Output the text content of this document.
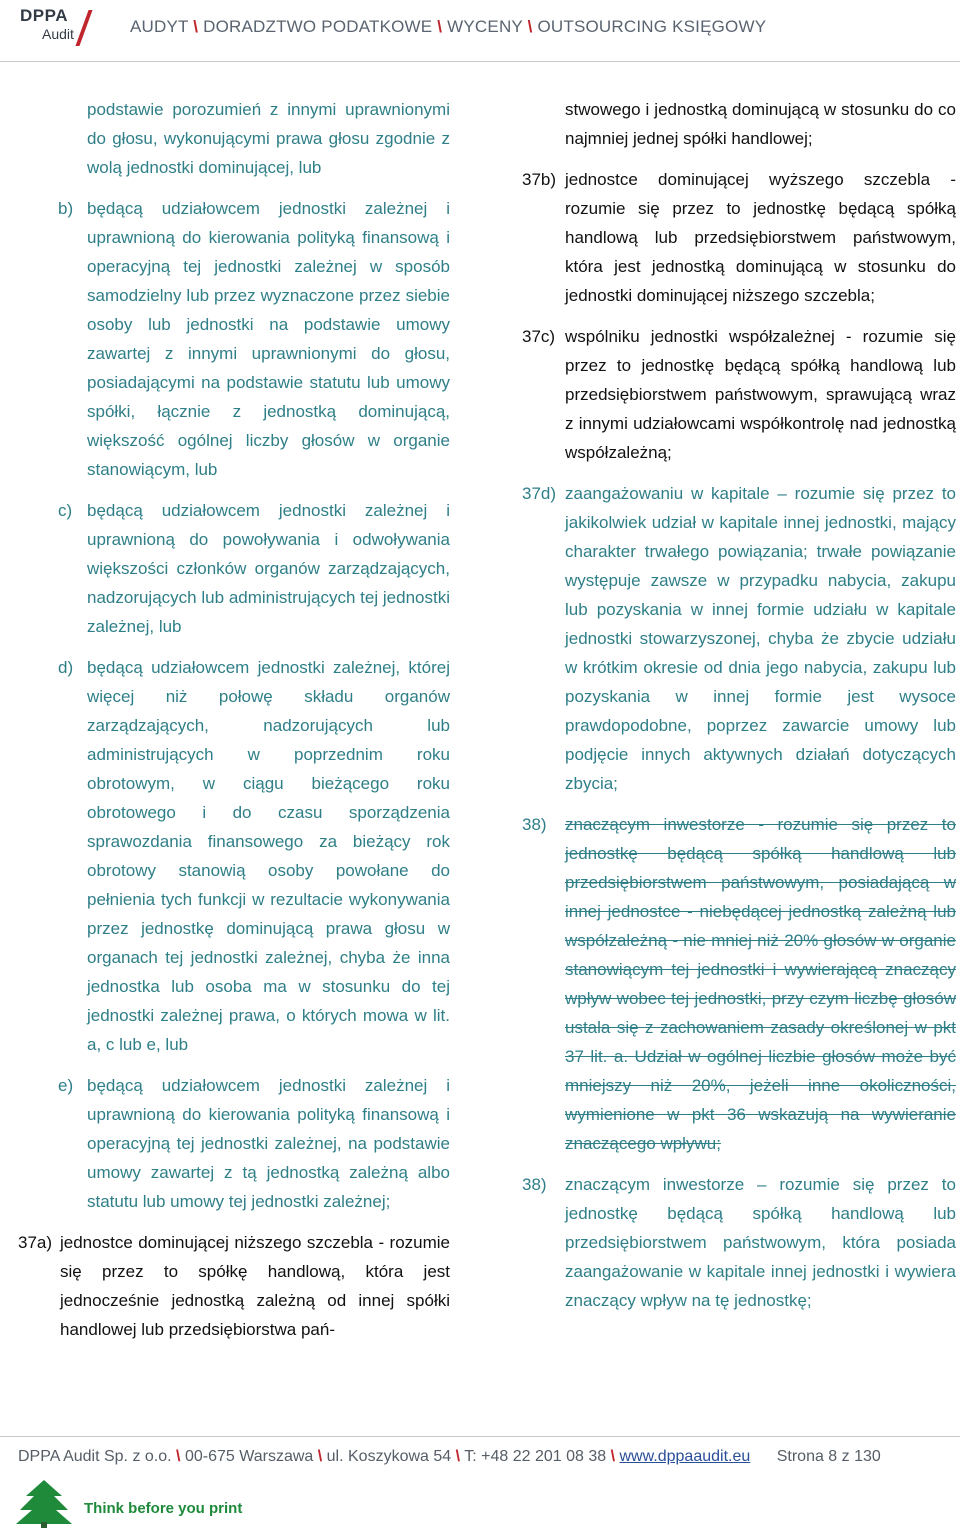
DPPA
Audit	AUDYT \ DORADZTWO PODATKOWE \ WYCENY \ OUTSOURCING KSIĘGOWY

podstawie porozumień z innymi uprawnionymi do głosu, wykonującymi prawa głosu zgodnie z wolą jednostki dominującej, lub

b) będącą udziałowcem jednostki zależnej i uprawnioną do kierowania polityką finansową i operacyjną tej jednostki zależnej w sposób samodzielny lub przez wyznaczone przez siebie osoby lub jednostki na podstawie umowy zawartej z innymi uprawnionymi do głosu, posiadającymi na podstawie statutu lub umowy spółki, łącznie z jednostką dominującą, większość ogólnej liczby głosów w organie stanowiącym, lub
c) będącą udziałowcem jednostki zależnej i uprawnioną do powoływania i odwoływania większości członków organów zarządzających, nadzorujących lub administrujących tej jednostki zależnej, lub
d) będącą udziałowcem jednostki zależnej, której więcej niż połowę składu organów zarządzających, nadzorujących lub administrujących w poprzednim roku obrotowym, w ciągu bieżącego roku obrotowego i do czasu sporządzenia sprawozdania finansowego za bieżący rok obrotowy stanowią osoby powołane do pełnienia tych funkcji w rezultacie wykonywania przez jednostkę dominującą prawa głosu w organach tej jednostki zależnej, chyba że inna jednostka lub osoba ma w stosunku do tej jednostki zależnej prawa, o których mowa w lit. a, c lub e, lub
e) będącą udziałowcem jednostki zależnej i uprawnioną do kierowania polityką finansową i operacyjną tej jednostki zależnej, na podstawie umowy zawartej z tą jednostką zależną albo statutu lub umowy tej jednostki zależnej;
37a) jednostce dominującej niższego szczebla - rozumie się przez to spółkę handlową, która jest jednocześnie jednostką zależną od innej spółki handlowej lub przedsiębiorstwa pań-

stwowego i jednostką dominującą w stosunku do co najmniej jednej spółki handlowej;

37b) jednostce dominującej wyższego szczebla - rozumie się przez to jednostkę będącą spółką handlową lub przedsiębiorstwem państwowym, która jest jednostką dominującą w stosunku do jednostki dominującej niższego szczebla;
37c) wspólniku jednostki współzależnej - rozumie się przez to jednostkę będącą spółką handlową lub przedsiębiorstwem państwowym, sprawującą wraz z innymi udziałowcami współkontrolę nad jednostką współzależną;
37d) zaangażowaniu w kapitale – rozumie się przez to jakikolwiek udział w kapitale innej jednostki, mający charakter trwałego powiązania; trwałe powiązanie występuje zawsze w przypadku nabycia, zakupu lub pozyskania w innej formie udziału w kapitale jednostki stowarzyszonej, chyba że zbycie udziału w krótkim okresie od dnia jego nabycia, zakupu lub pozyskania w innej formie jest wysoce prawdopodobne, poprzez zawarcie umowy lub podjęcie innych aktywnych działań dotyczących zbycia;
38) znaczącym inwestorze - rozumie się przez to jednostkę będącą spółką handlową lub przedsiębiorstwem państwowym, posiadającą w innej jednostce - niebędącej jednostką zależną lub współzależną - nie mniej niż 20% głosów w organie stanowiącym tej jednostki i wywierającą znaczący wpływ wobec tej jednostki, przy czym liczbę głosów ustala się z zachowaniem zasady określonej w pkt 37 lit. a. Udział w ogólnej liczbie głosów może być mniejszy niż 20%, jeżeli inne okoliczności, wymienione w pkt 36 wskazują na wywieranie znaczącego wpływu;
38) znaczącym inwestorze – rozumie się przez to jednostkę będącą spółką handlową lub przedsiębiorstwem państwowym, która posiada zaangażowanie w kapitale innej jednostki i wywiera znaczący wpływ na tę jednostkę;
DPPA Audit Sp. z o.o. \ 00-675 Warszawa \ ul. Koszykowa 54 \ T: +48 22 201 08 38 \ www.dppaaudit.eu Strona 8 z 130
Think before you print
